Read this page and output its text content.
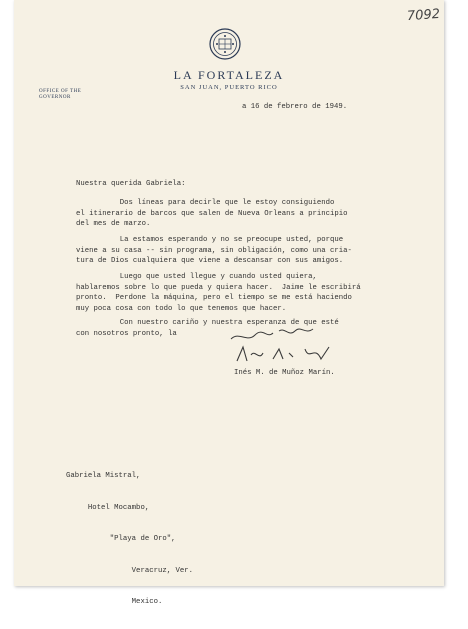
7092
LA FORTALEZA
SAN JUAN, PUERTO RICO
OFFICE OF THE GOVERNOR
a 16 de febrero de 1949.
Nuestra querida Gabriela:
Dos líneas para decirle que le estoy consiguiendo
el itinerario de barcos que salen de Nueva Orleans a principio
del mes de marzo.
La estamos esperando y no se preocupe usted, porque
viene a su casa -- sin programa, sin obligación, como una cria-
tura de Dios cualquiera que viene a descansar con sus amigos.
Luego que usted llegue y cuando usted quiera,
hablaremos sobre lo que pueda y quiera hacer.  Jaime le escribirá
pronto.  Perdone la máquina, pero el tiempo se me está haciendo
muy poca cosa con todo lo que tenemos que hacer.
Con nuestro cariño y nuestra esperanza de que esté
con nosotros pronto, la
Inés M. de Muñoz Marín.

Gabriela Mistral,

Hotel Mocambo,

"Playa de Oro",

Veracruz, Ver.

Mexico.
